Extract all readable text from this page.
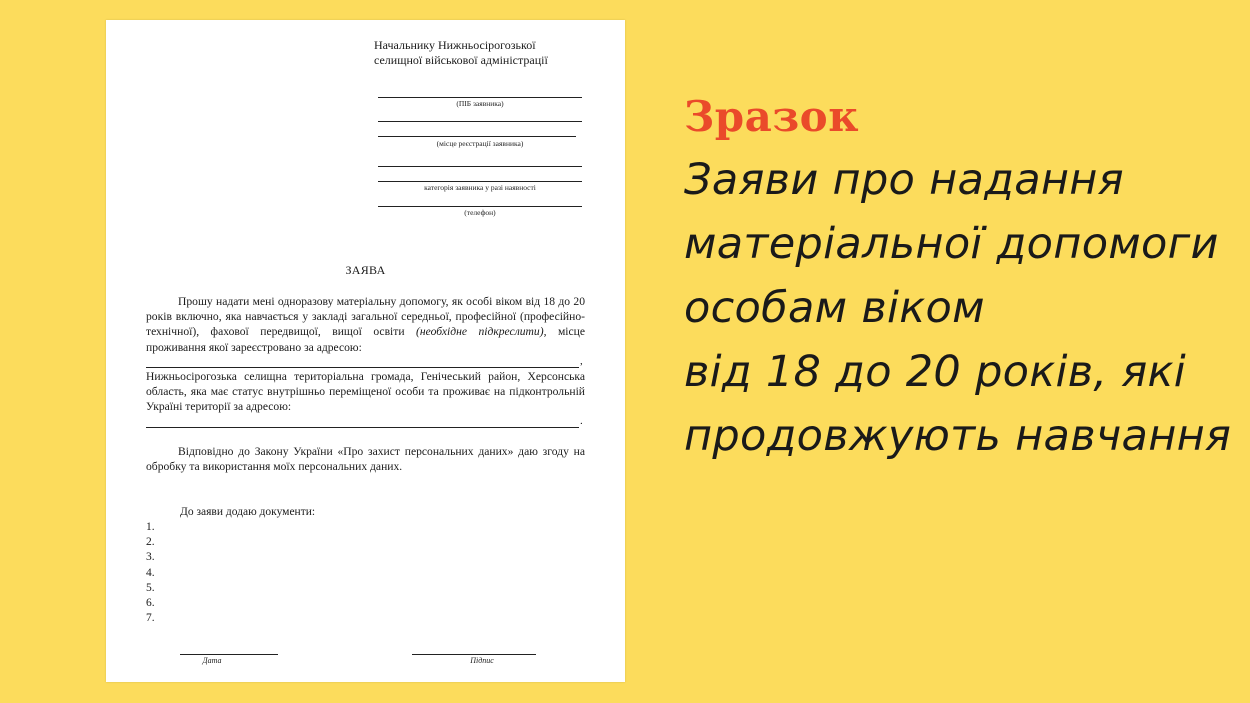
Начальнику Нижньосірогозької
селищної військової адміністрації
(ПІБ заявника)
(місце реєстрації заявника)
категорія заявника у разі наявності
(телефон)
ЗАЯВА
Прошу надати мені одноразову матеріальну допомогу, як особі віком від 18 до 20 років включно, яка навчається у закладі загальної середньої, професійної (професійно-технічної), фахової передвищої, вищої освіти (необхідне підкреслити), місце проживання якої зареєстровано за адресою:
,
Нижньосірогозька селищна територіальна громада, Генічеський район, Херсонська область, яка має статус внутрішньо переміщеної особи та проживає на підконтрольній Україні території за адресою:
.
Відповідно до Закону України «Про захист персональних даних» даю згоду на обробку та використання моїх персональних даних.
До заяви додаю документи:
1.
2.
3.
4.
5.
6.
7.
Дата	Підпис
Зразок
Заяви про надання
матеріальної допомоги
особам віком
від 18 до 20 років, які
продовжують навчання
